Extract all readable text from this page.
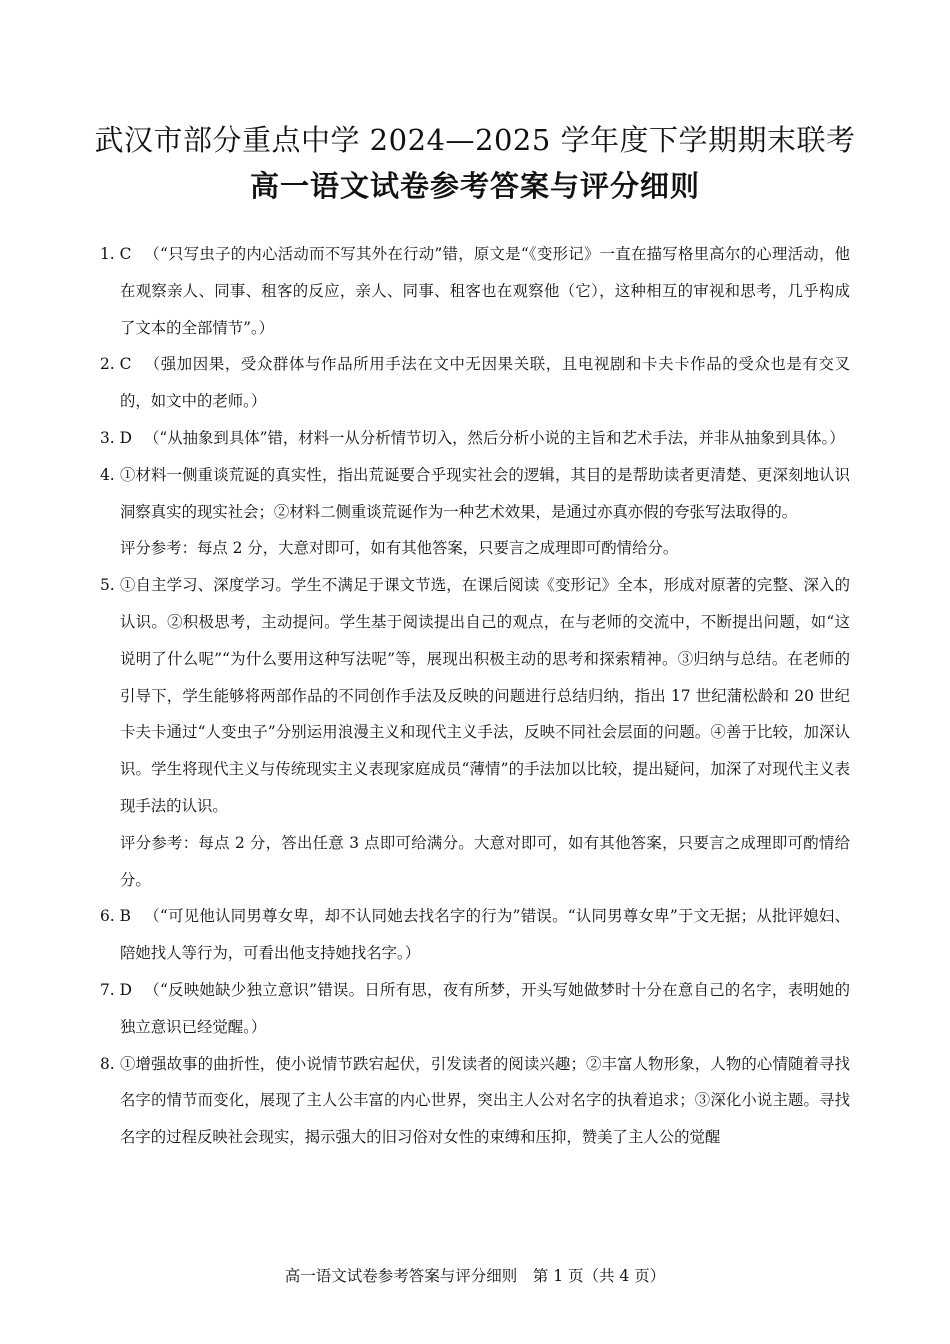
武汉市部分重点中学 2024—2025 学年度下学期期末联考
高一语文试卷参考答案与评分细则

1. C （“只写虫子的内心活动而不写其外在行动”错，原文是“《变形记》一直在描写格里高尔的心理活动，他在观察亲人、同事、租客的反应，亲人、同事、租客也在观察他（它），这种相互的审视和思考，几乎构成了文本的全部情节”。）

2. C （强加因果，受众群体与作品所用手法在文中无因果关联，且电视剧和卡夫卡作品的受众也是有交叉的，如文中的老师。）

3. D （“从抽象到具体”错，材料一从分析情节切入，然后分析小说的主旨和艺术手法，并非从抽象到具体。）

4. ①材料一侧重谈荒诞的真实性，指出荒诞要合乎现实社会的逻辑，其目的是帮助读者更清楚、更深刻地认识洞察真实的现实社会；②材料二侧重谈荒诞作为一种艺术效果，是通过亦真亦假的夸张写法取得的。

评分参考：每点 2 分，大意对即可，如有其他答案，只要言之成理即可酌情给分。

5. ①自主学习、深度学习。学生不满足于课文节选，在课后阅读《变形记》全本，形成对原著的完整、深入的认识。②积极思考，主动提问。学生基于阅读提出自己的观点，在与老师的交流中，不断提出问题，如“这说明了什么呢”“为什么要用这种写法呢”等，展现出积极主动的思考和探索精神。③归纳与总结。在老师的引导下，学生能够将两部作品的不同创作手法及反映的问题进行总结归纳，指出 17 世纪蒲松龄和 20 世纪卡夫卡通过“人变虫子”分别运用浪漫主义和现代主义手法，反映不同社会层面的问题。④善于比较，加深认识。学生将现代主义与传统现实主义表现家庭成员“薄情”的手法加以比较，提出疑问，加深了对现代主义表现手法的认识。

评分参考：每点 2 分，答出任意 3 点即可给满分。大意对即可，如有其他答案，只要言之成理即可酌情给分。

6. B （“可见他认同男尊女卑，却不认同她去找名字的行为”错误。“认同男尊女卑”于文无据；从批评媳妇、陪她找人等行为，可看出他支持她找名字。）

7. D （“反映她缺少独立意识”错误。日所有思，夜有所梦，开头写她做梦时十分在意自己的名字，表明她的独立意识已经觉醒。）

8. ①增强故事的曲折性，使小说情节跌宕起伏，引发读者的阅读兴趣；②丰富人物形象，人物的心情随着寻找名字的情节而变化，展现了主人公丰富的内心世界，突出主人公对名字的执着追求；③深化小说主题。寻找名字的过程反映社会现实，揭示强大的旧习俗对女性的束缚和压抑，赞美了主人公的觉醒

高一语文试卷参考答案与评分细则　第 1 页（共 4 页）
